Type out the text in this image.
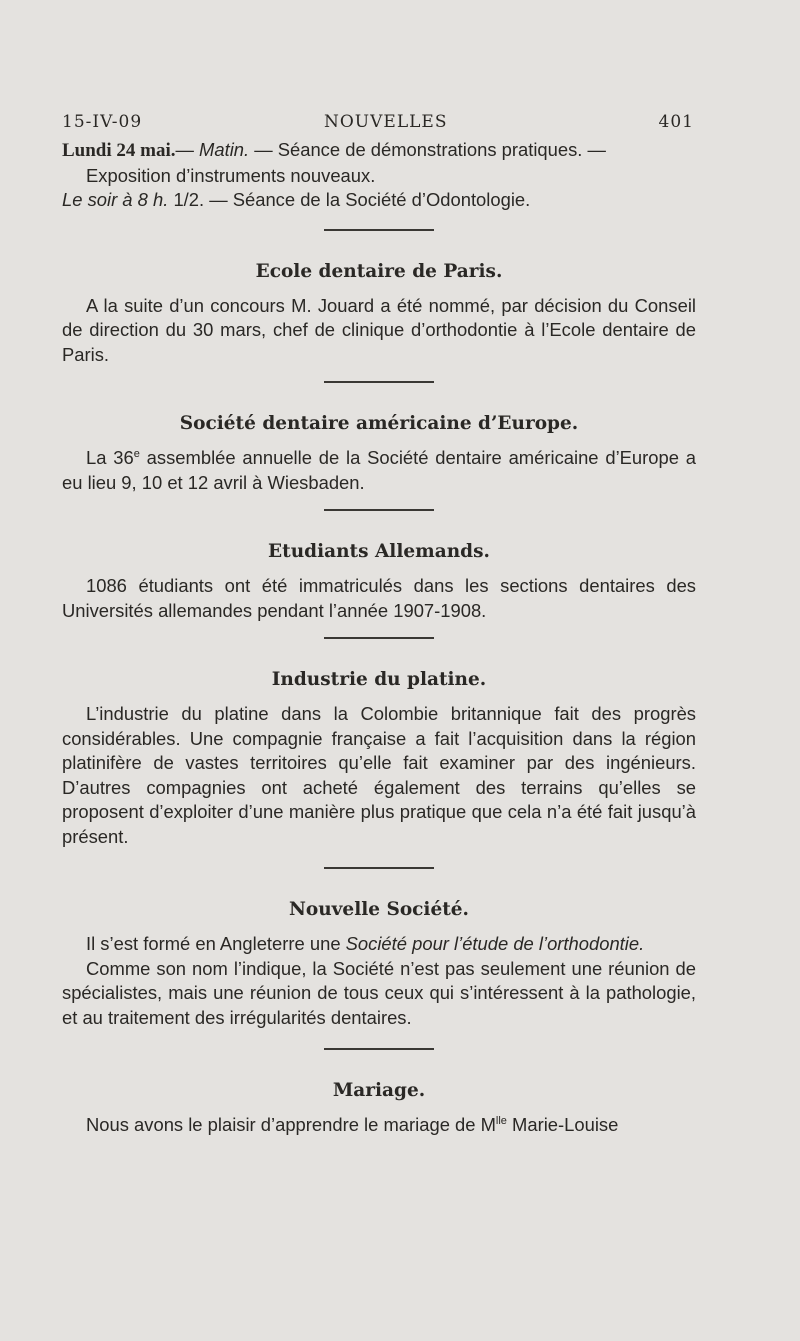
15-IV-09	NOUVELLES	401
Lundi 24 mai.— Matin. — Séance de démonstrations pratiques. —
Exposition d’instruments nouveaux.
Le soir à 8 h. 1/2. — Séance de la Société d’Odontologie.
Ecole dentaire de Paris.
A la suite d’un concours M. Jouard a été nommé, par décision du Conseil de direction du 30 mars, chef de clinique d’orthodontie à l’Ecole dentaire de Paris.
Société dentaire américaine d’Europe.
La 36e assemblée annuelle de la Société dentaire américaine d’Europe a eu lieu 9, 10 et 12 avril à Wiesbaden.
Etudiants Allemands.
1086 étudiants ont été immatriculés dans les sections dentaires des Universités allemandes pendant l’année 1907-1908.
Industrie du platine.
L’industrie du platine dans la Colombie britannique fait des progrès considérables. Une compagnie française a fait l’acquisition dans la région platinifère de vastes territoires qu’elle fait examiner par des ingénieurs. D’autres compagnies ont acheté également des terrains qu’elles se proposent d’exploiter d’une manière plus pratique que cela n’a été fait jusqu’à présent.
Nouvelle Société.
Il s’est formé en Angleterre une Société pour l’étude de l’orthodontie.
Comme son nom l’indique, la Société n’est pas seulement une réunion de spécialistes, mais une réunion de tous ceux qui s’intéressent à la pathologie, et au traitement des irrégularités dentaires.
Mariage.
Nous avons le plaisir d’apprendre le mariage de $M^{lle}$ Marie-Louise
